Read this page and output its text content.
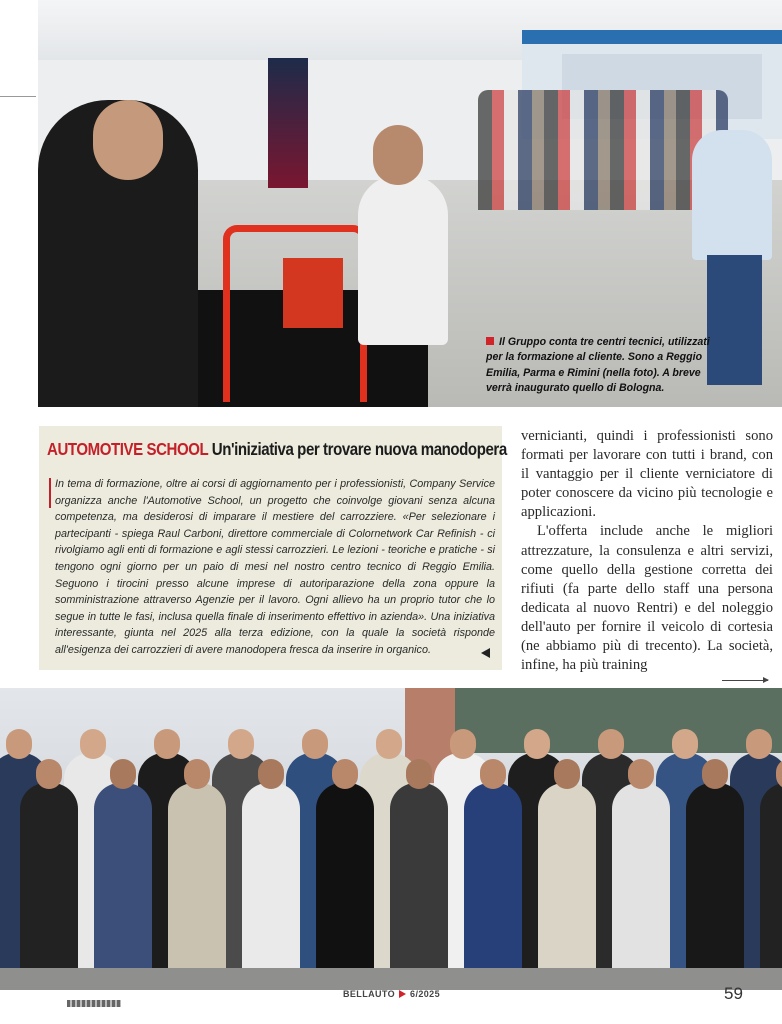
Il Gruppo conta tre centri tecnici, utilizzati per la formazione al cliente. Sono a Reggio Emilia, Parma e Rimini (nella foto). A breve verrà inaugurato quello di Bologna.
AUTOMOTIVE SCHOOL Un'iniziativa per trovare nuova manodopera

In tema di formazione, oltre ai corsi di aggiornamento per i professionisti, Company Service organizza anche l'Automotive School, un progetto che coinvolge giovani senza alcuna competenza, ma desiderosi di imparare il mestiere del carrozziere. «Per selezionare i partecipanti - spiega Raul Carboni, direttore commerciale di Colornetwork Car Refinish - ci rivolgiamo agli enti di formazione e agli stessi carrozzieri. Le lezioni - teoriche e pratiche - si tengono ogni giorno per un paio di mesi nel nostro centro tecnico di Reggio Emilia. Seguono i tirocini presso alcune imprese di autoriparazione della zona oppure la somministrazione attraverso Agenzie per il lavoro. Ogni allievo ha un proprio tutor che lo segue in tutte le fasi, inclusa quella finale di inserimento effettivo in azienda». Una iniziativa interessante, giunta nel 2025 alla terza edizione, con la quale la società risponde all'esigenza dei carrozzieri di avere manodopera fresca da inserire in organico.

vernicianti, quindi i professionisti sono formati per lavorare con tutti i brand, con il vantaggio per il cliente verniciatore di poter conoscere da vicino più tecnologie e applicazioni.

L'offerta include anche le migliori attrezzature, la consulenza e altri servizi, come quello della gestione corretta dei rifiuti (fa parte dello staff una persona dedicata al nuovo Rentri) e del noleggio dell'auto per fornire il veicolo di cortesia (ne abbiamo più di trecento). La società, infine, ha più training

BELLAUTO 6/2025	59
